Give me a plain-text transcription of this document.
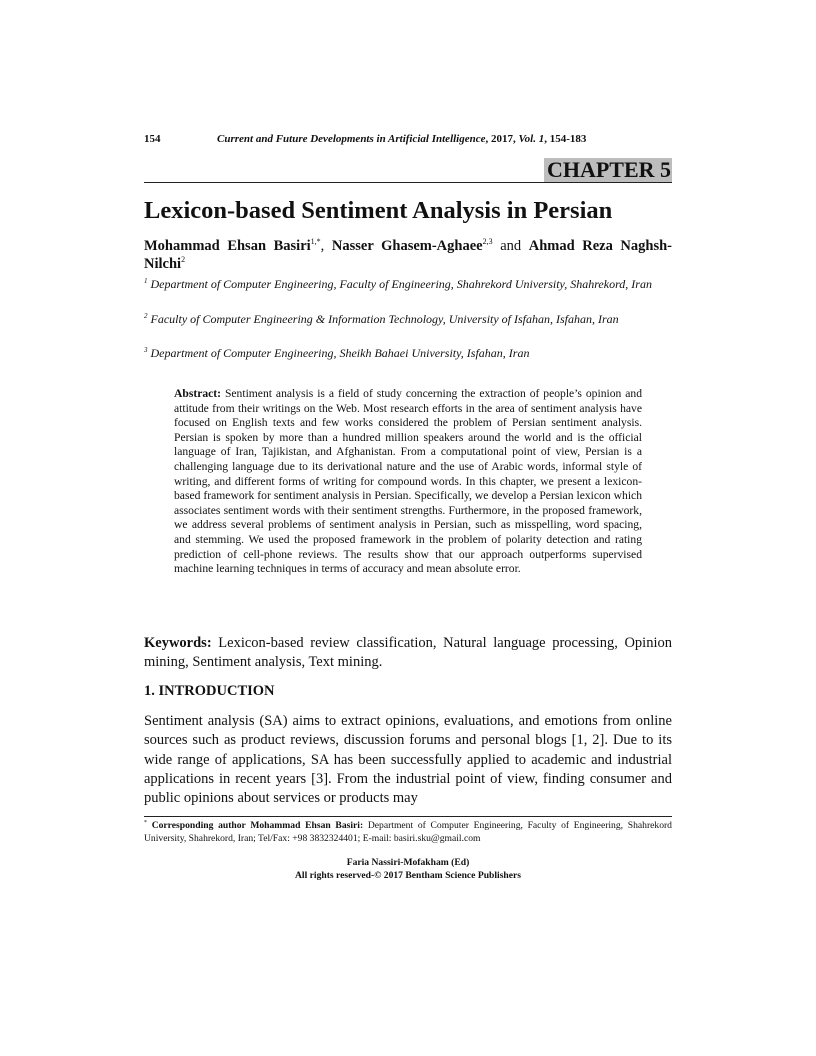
154	Current and Future Developments in Artificial Intelligence, 2017, Vol. 1, 154-183
CHAPTER 5
Lexicon-based Sentiment Analysis in Persian
Mohammad Ehsan Basiri$^{1,*}$, Nasser Ghasem-Aghaee$^{2,3}$ and Ahmad Reza Naghsh-Nilchi$^2$
$^1$ Department of Computer Engineering, Faculty of Engineering, Shahrekord University, Shahrekord, Iran
$^2$ Faculty of Computer Engineering & Information Technology, University of Isfahan, Isfahan, Iran
$^3$ Department of Computer Engineering, Sheikh Bahaei University, Isfahan, Iran
Abstract: Sentiment analysis is a field of study concerning the extraction of people’s opinion and attitude from their writings on the Web. Most research efforts in the area of sentiment analysis have focused on English texts and few works considered the problem of Persian sentiment analysis. Persian is spoken by more than a hundred million speakers around the world and is the official language of Iran, Tajikistan, and Afghanistan. From a computational point of view, Persian is a challenging language due to its derivational nature and the use of Arabic words, informal style of writing, and different forms of writing for compound words. In this chapter, we present a lexicon-based framework for sentiment analysis in Persian. Specifically, we develop a Persian lexicon which associates sentiment words with their sentiment strengths. Furthermore, in the proposed framework, we address several problems of sentiment analysis in Persian, such as misspelling, word spacing, and stemming. We used the proposed framework in the problem of polarity detection and rating prediction of cell-phone reviews. The results show that our approach outperforms supervised machine learning techniques in terms of accuracy and mean absolute error.
Keywords: Lexicon-based review classification, Natural language processing, Opinion mining, Sentiment analysis, Text mining.
1. INTRODUCTION

Sentiment analysis (SA) aims to extract opinions, evaluations, and emotions from online sources such as product reviews, discussion forums and personal blogs [1, 2]. Due to its wide range of applications, SA has been successfully applied to academic and industrial applications in recent years [3]. From the industrial point of view, finding consumer and public opinions about services or products may

* Corresponding author Mohammad Ehsan Basiri: Department of Computer Engineering, Faculty of Engineering, Shahrekord University, Shahrekord, Iran; Tel/Fax: +98 3832324401; E-mail: basiri.sku@gmail.com
Faria Nassiri-Mofakham (Ed)
All rights reserved-© 2017 Bentham Science Publishers
